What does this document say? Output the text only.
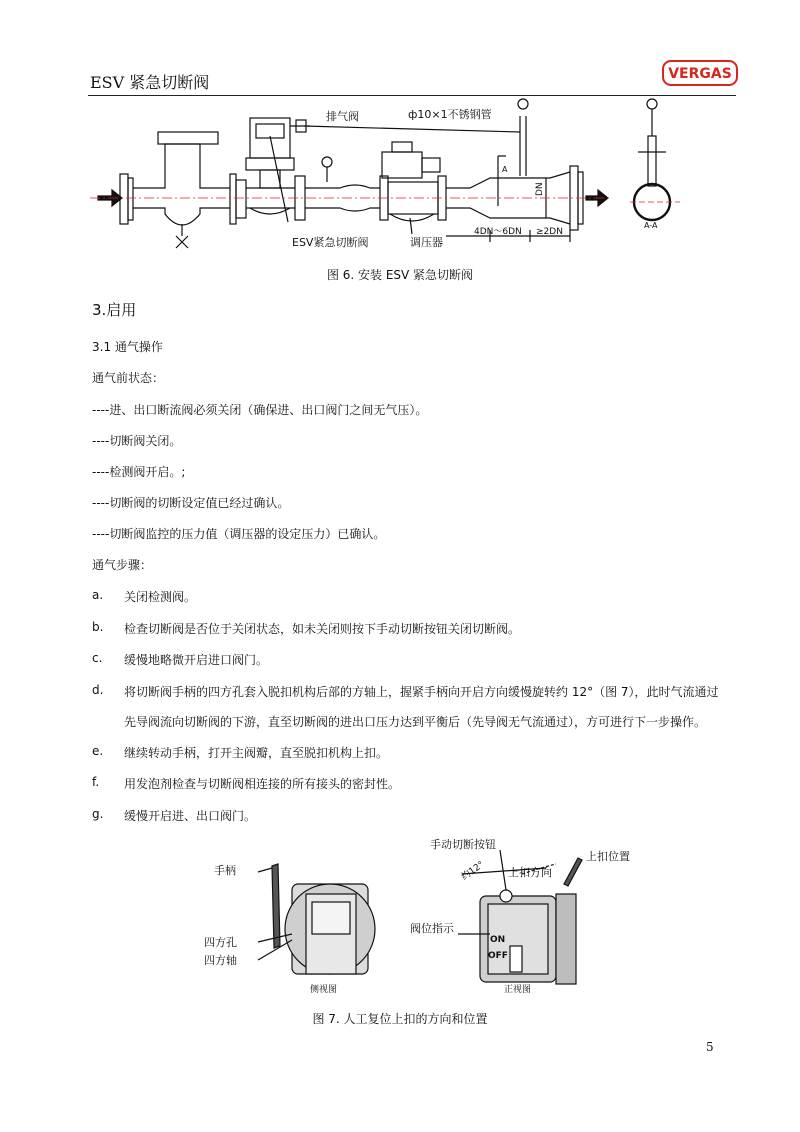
ESV 紧急切断阀	VERGAS
排气阀	ф10×1不锈钢管
ESV紧急切断阀	调压器
4DN～6DN ≥2DN
DN
A
A-A
图 6. 安装 ESV 紧急切断阀
3.启用
3.1 通气操作
通气前状态：
----进、出口断流阀必须关闭（确保进、出口阀门之间无气压）。
----切断阀关闭。
----检测阀开启。;
----切断阀的切断设定值已经过确认。
----切断阀监控的压力值（调压器的设定压力）已确认。
通气步骤：
a. 关闭检测阀。
b. 检查切断阀是否位于关闭状态，如未关闭则按下手动切断按钮关闭切断阀。
c. 缓慢地略微开启进口阀门。
d. 将切断阀手柄的四方孔套入脱扣机构后部的方轴上，握紧手柄向开启方向缓慢旋转约 12°（图 7），此时气流通过
先导阀流向切断阀的下游，直至切断阀的进出口压力达到平衡后（先导阀无气流通过），方可进行下一步操作。
e. 继续转动手柄，打开主阀瓣，直至脱扣机构上扣。
f. 用发泡剂检查与切断阀相连接的所有接头的密封性。
g. 缓慢开启进、出口阀门。
手柄
四方孔
四方轴
侧视图
手动切断按钮
约12° 上扣方向
上扣位置
阀位指示
ON
OFF
正视图
图 7. 人工复位上扣的方向和位置
5
